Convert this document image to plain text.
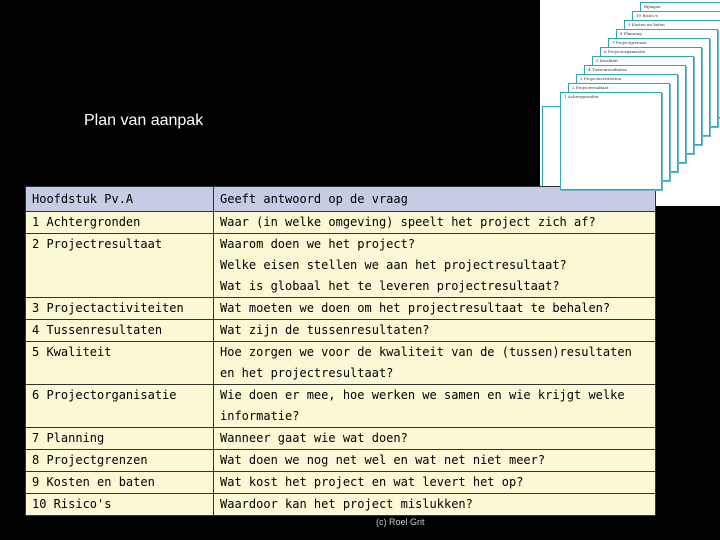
Plan van aanpak
Bijlagen
10 Risico's
9 Kosten en baten
8 Planning
7 Projectgrenzen
6 Projectorganisatie
5 Kwaliteit
4 Tussenresultaten
3 Projectactiviteiten
2 Projectresultaat
1 Achtergronden
Hoofdstuk Pv.A	Geeft antwoord op de vraag
1 Achtergronden	Waar (in welke omgeving) speelt het project zich af?

2 Projectresultaat	Waarom doen we het project?
Welke eisen stellen we aan het projectresultaat?
Wat is globaal het te leveren projectresultaat?

3 Projectactiviteiten	Wat moeten we doen om het projectresultaat te behalen?

4 Tussenresultaten	Wat zijn de tussenresultaten?

5 Kwaliteit	Hoe zorgen we voor de kwaliteit van de (tussen)resultaten en het projectresultaat?

6 Projectorganisatie	Wie doen er mee, hoe werken we samen en wie krijgt welke informatie?

7 Planning	Wanneer gaat wie wat doen?

8 Projectgrenzen	Wat doen we nog net wel en wat net niet meer?

9 Kosten en baten	Wat kost het project en wat levert het op?

10 Risico's	Waardoor kan het project mislukken?
(c) Roel Grit
